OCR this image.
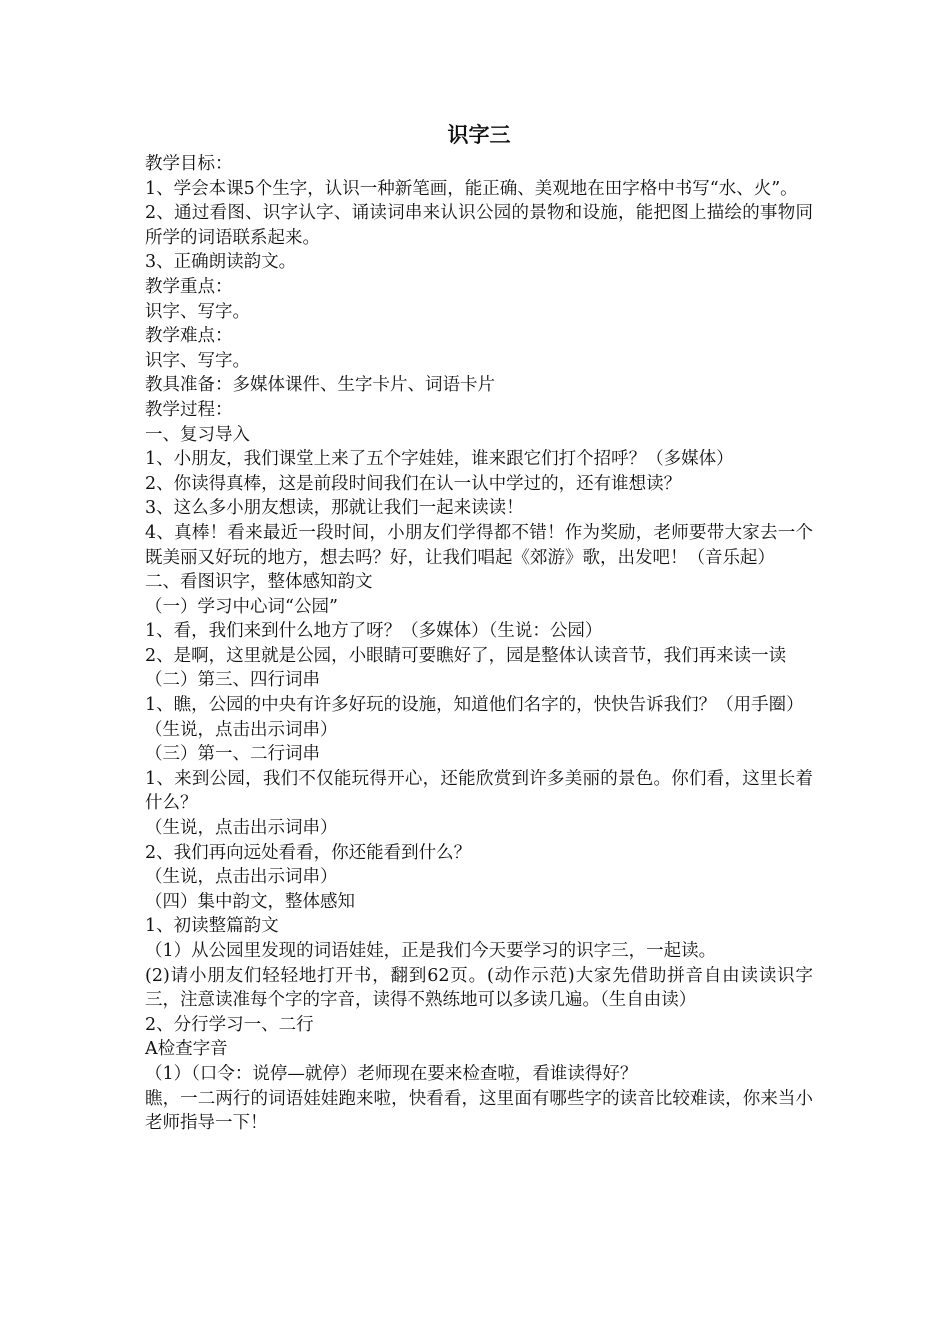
识字三

教学目标：

1、学会本课5个生字，认识一种新笔画，能正确、美观地在田字格中书写“水、火”。

2、通过看图、识字认字、诵读词串来认识公园的景物和设施，能把图上描绘的事物同所学的词语联系起来。

3、正确朗读韵文。

教学重点：

识字、写字。

教学难点：

识字、写字。

教具准备：多媒体课件、生字卡片、词语卡片

教学过程：

一、复习导入

1、小朋友，我们课堂上来了五个字娃娃，谁来跟它们打个招呼？（多媒体）

2、你读得真棒，这是前段时间我们在认一认中学过的，还有谁想读？

3、这么多小朋友想读，那就让我们一起来读读！

4、真棒！看来最近一段时间，小朋友们学得都不错！作为奖励，老师要带大家去一个既美丽又好玩的地方，想去吗？好，让我们唱起《郊游》歌，出发吧！（音乐起）

二、看图识字，整体感知韵文

（一）学习中心词“公园”

1、看，我们来到什么地方了呀？（多媒体）（生说：公园）

2、是啊，这里就是公园，小眼睛可要瞧好了，园是整体认读音节，我们再来读一读

（二）第三、四行词串

1、瞧，公园的中央有许多好玩的设施，知道他们名字的，快快告诉我们？（用手圈）

（生说，点击出示词串）

（三）第一、二行词串

1、来到公园，我们不仅能玩得开心，还能欣赏到许多美丽的景色。你们看，这里长着什么？

（生说，点击出示词串）

2、我们再向远处看看，你还能看到什么？

（生说，点击出示词串）

（四）集中韵文，整体感知

1、初读整篇韵文

（1）从公园里发现的词语娃娃，正是我们今天要学习的识字三，一起读。

(2)请小朋友们轻轻地打开书，翻到62页。(动作示范)大家先借助拼音自由读读识字三，注意读准每个字的字音，读得不熟练地可以多读几遍。（生自由读）

2、分行学习一、二行

A检查字音

（1）（口令：说停—就停）老师现在要来检查啦，看谁读得好？

瞧，一二两行的词语娃娃跑来啦，快看看，这里面有哪些字的读音比较难读，你来当小老师指导一下！
